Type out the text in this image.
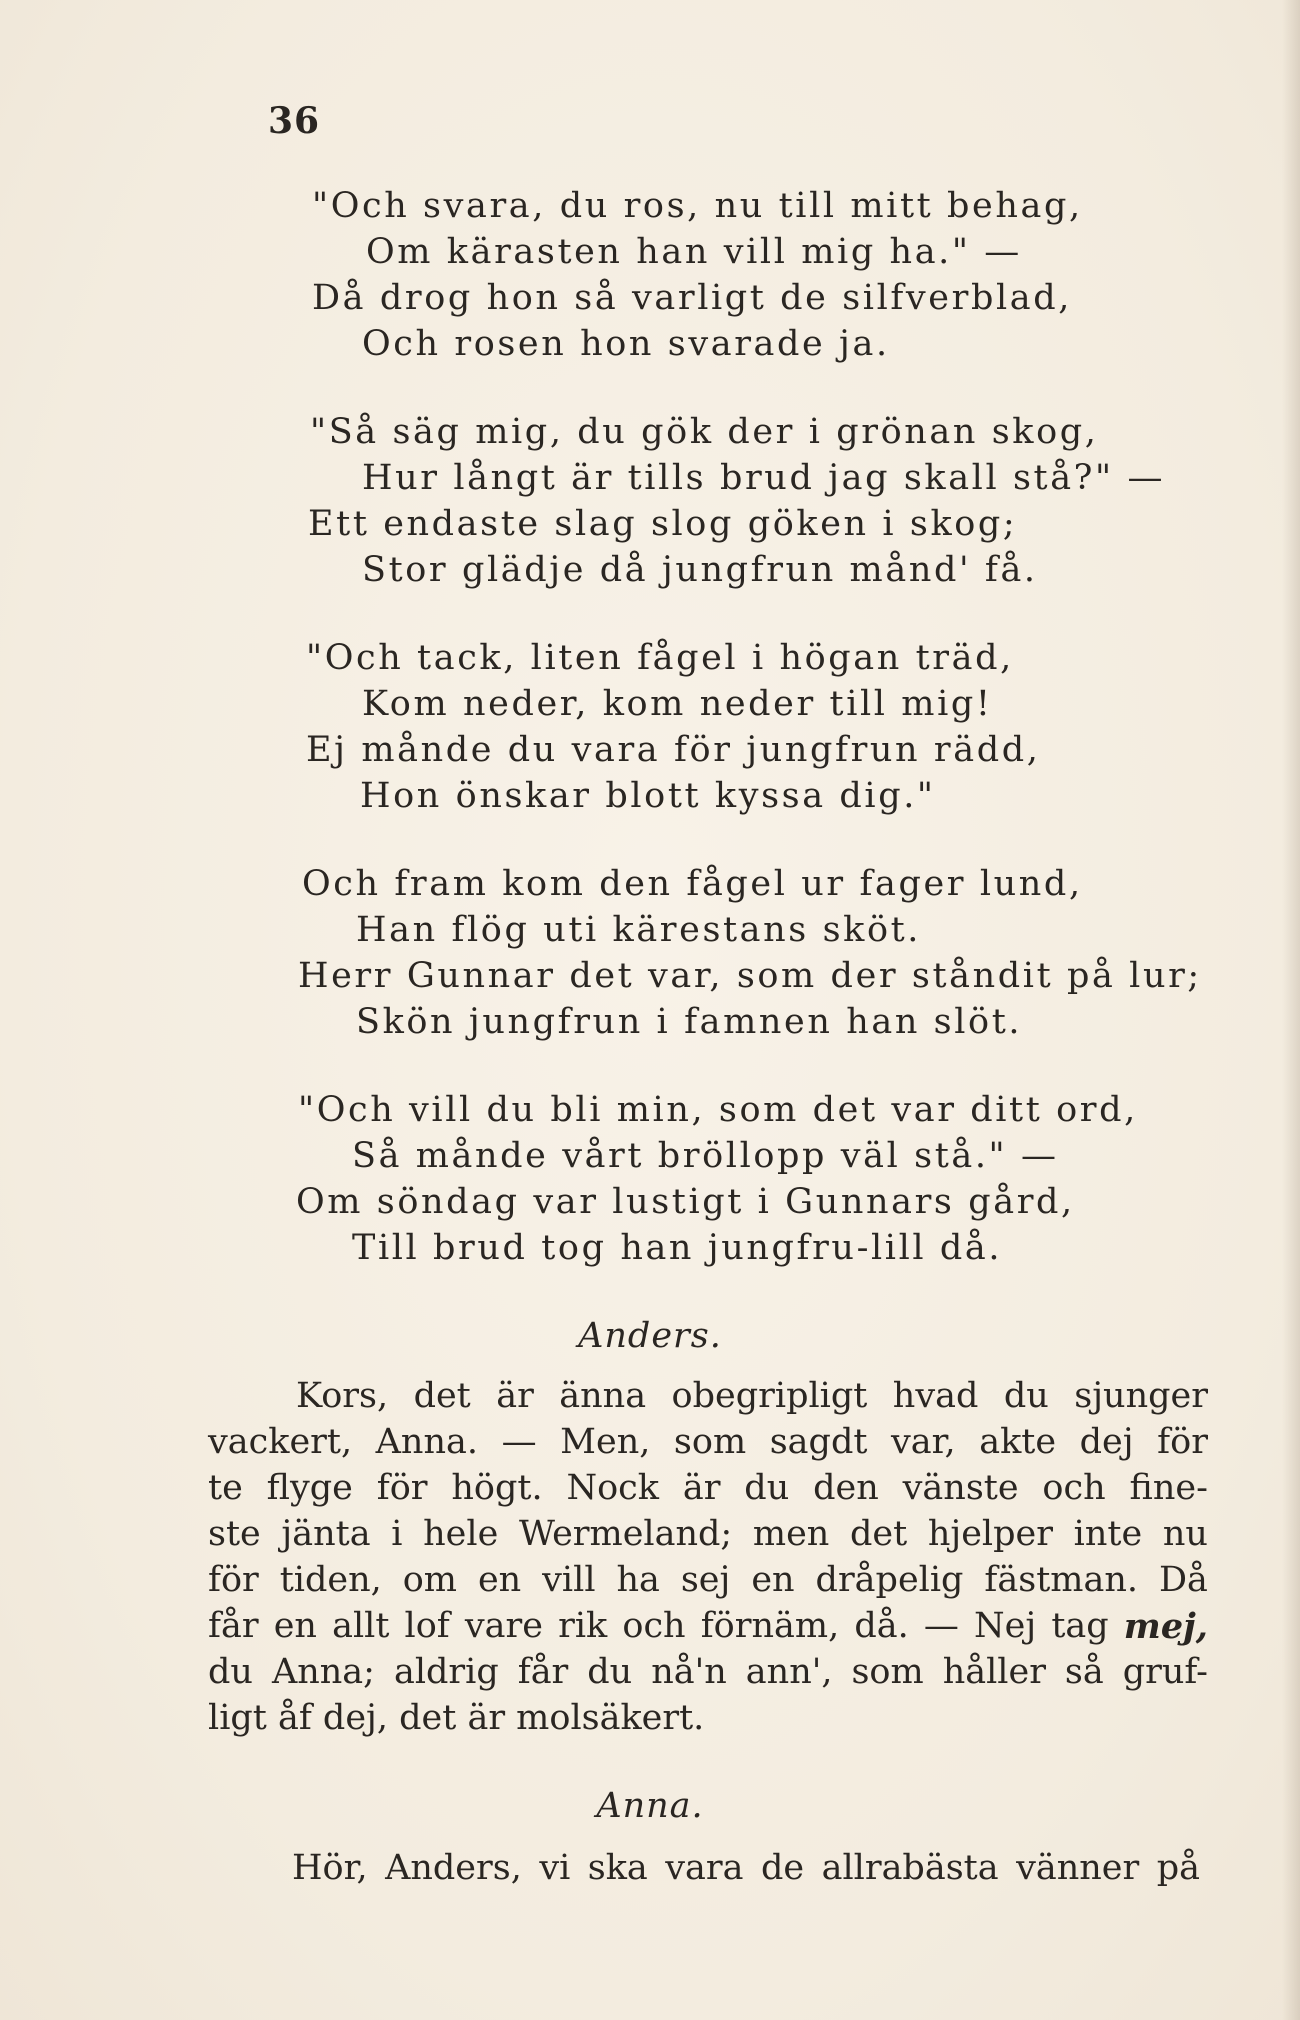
36
"Och svara, du ros, nu till mitt behag,
Om kärasten han vill mig ha." —
Då drog hon så varligt de silfverblad,
Och rosen hon svarade ja.
"Så säg mig, du gök der i grönan skog,
Hur långt är tills brud jag skall stå?" —
Ett endaste slag slog göken i skog;
Stor glädje då jungfrun månd' få.
"Och tack, liten fågel i högan träd,
Kom neder, kom neder till mig!
Ej månde du vara för jungfrun rädd,
Hon önskar blott kyssa dig."
Och fram kom den fågel ur fager lund,
Han flög uti kärestans sköt.
Herr Gunnar det var, som der ståndit på lur;
Skön jungfrun i famnen han slöt.
"Och vill du bli min, som det var ditt ord,
Så månde vårt bröllopp väl stå." —
Om söndag var lustigt i Gunnars gård,
Till brud tog han jungfru-lill då.
Anders.
Kors, det är änna obegripligt hvad du sjunger
vackert, Anna. — Men, som sagdt var, akte dej för
te flyge för högt. Nock är du den vänste och fine-
ste jänta i hele Wermeland; men det hjelper inte nu
för tiden, om en vill ha sej en dråpelig fästman. Då
får en allt lof vare rik och förnäm, då. — Nej tag mej,
du Anna; aldrig får du nå'n ann', som håller så gruf-
ligt åf dej, det är molsäkert.
Anna.
Hör, Anders, vi ska vara de allrabästa vänner på
